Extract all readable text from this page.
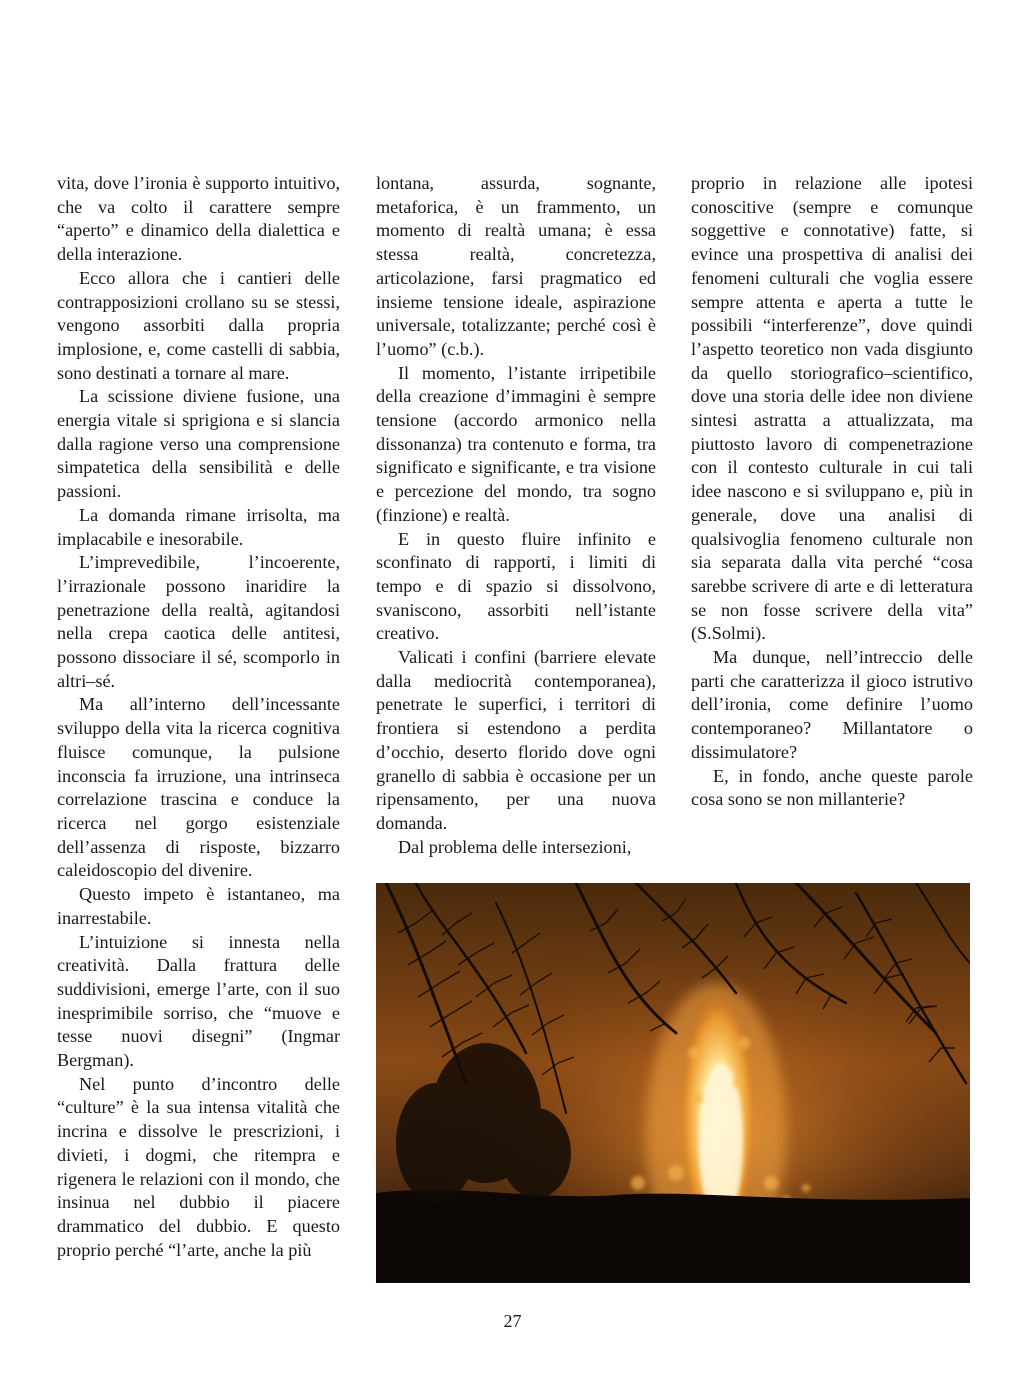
vita, dove l’ironia è supporto intuitivo, che va colto il carattere sempre “aperto” e dinamico della dialettica e della interazione.

Ecco allora che i cantieri delle contrapposizioni crollano su se stessi, vengono assorbiti dalla propria implosione, e, come castelli di sabbia, sono destinati a tornare al mare.

La scissione diviene fusione, una energia vitale si sprigiona e si slancia dalla ragione verso una comprensione simpatetica della sensibilità e delle passioni.

La domanda rimane irrisolta, ma implacabile e inesorabile.

L’imprevedibile, l’incoerente, l’irrazionale possono inaridire la penetrazione della realtà, agitandosi nella crepa caotica delle antitesi, possono dissociare il sé, scomporlo in altri–sé.

Ma all’interno dell’incessante sviluppo della vita la ricerca cognitiva fluisce comunque, la pulsione inconscia fa irruzione, una intrinseca correlazione trascina e conduce la ricerca nel gorgo esistenziale dell’assenza di risposte, bizzarro caleidoscopio del divenire.

Questo impeto è istantaneo, ma inarrestabile.

L’intuizione si innesta nella creatività. Dalla frattura delle suddivisioni, emerge l’arte, con il suo inesprimibile sorriso, che “muove e tesse nuovi disegni” (Ingmar Bergman).

Nel punto d’incontro delle “culture” è la sua intensa vitalità che incrina e dissolve le prescrizioni, i divieti, i dogmi, che ritempra e rigenera le relazioni con il mondo, che insinua nel dubbio il piacere drammatico del dubbio. E questo proprio perché “l’arte, anche la più

lontana, assurda, sognante, metaforica, è un frammento, un momento di realtà umana; è essa stessa realtà, concretezza, articolazione, farsi pragmatico ed insieme tensione ideale, aspirazione universale, totalizzante; perché così è l’uomo” (c.b.).

Il momento, l’istante irripetibile della creazione d’immagini è sempre tensione (accordo armonico nella dissonanza) tra contenuto e forma, tra significato e significante, e tra visione e percezione del mondo, tra sogno (finzione) e realtà.

E in questo fluire infinito e sconfinato di rapporti, i limiti di tempo e di spazio si dissolvono, svaniscono, assorbiti nell’istante creativo.

Valicati i confini (barriere elevate dalla mediocrità contemporanea), penetrate le superfici, i territori di frontiera si estendono a perdita d’occhio, deserto florido dove ogni granello di sabbia è occasione per un ripensamento, per una nuova domanda.

Dal problema delle intersezioni,

proprio in relazione alle ipotesi conoscitive (sempre e comunque soggettive e connotative) fatte, si evince una prospettiva di analisi dei fenomeni culturali che voglia essere sempre attenta e aperta a tutte le possibili “interferenze”, dove quindi l’aspetto teoretico non vada disgiunto da quello storiografico–scientifico, dove una storia delle idee non diviene sintesi astratta a attualizzata, ma piuttosto lavoro di compenetrazione con il contesto culturale in cui tali idee nascono e si sviluppano e, più in generale, dove una analisi di qualsivoglia fenomeno culturale non sia separata dalla vita perché “cosa sarebbe scrivere di arte e di letteratura se non fosse scrivere della vita” (S.Solmi).

Ma dunque, nell’intreccio delle parti che caratterizza il gioco istrutivo dell’ironia, come definire l’uomo contemporaneo? Millantatore o dissimulatore?

E, in fondo, anche queste parole cosa sono se non millanterie?

27
